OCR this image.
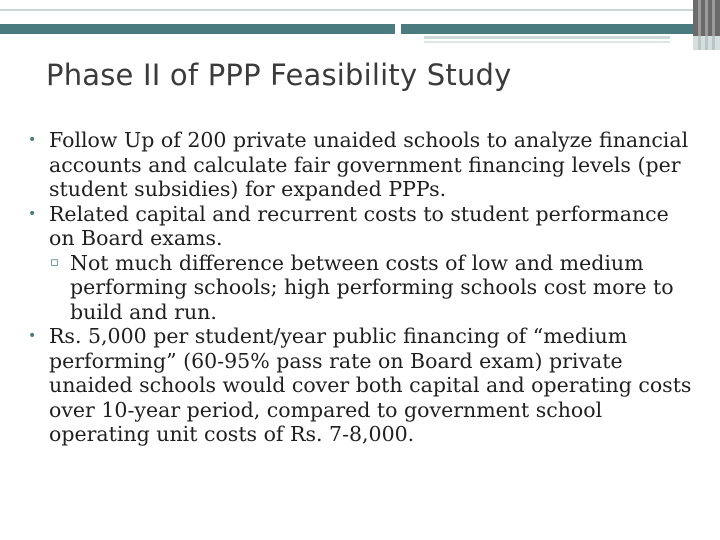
Phase II of PPP Feasibility Study
• Follow Up of 200 private unaided schools to analyze financial accounts and calculate fair government financing levels (per student subsidies) for expanded PPPs.
• Related capital and recurrent costs to student performance on Board exams.
▫ Not much difference between costs of low and medium performing schools; high performing schools cost more to build and run.
• Rs. 5,000 per student/year public financing of “medium performing” (60-95% pass rate on Board exam) private unaided schools would cover both capital and operating costs over 10-year period, compared to government school operating unit costs of Rs. 7-8,000.
